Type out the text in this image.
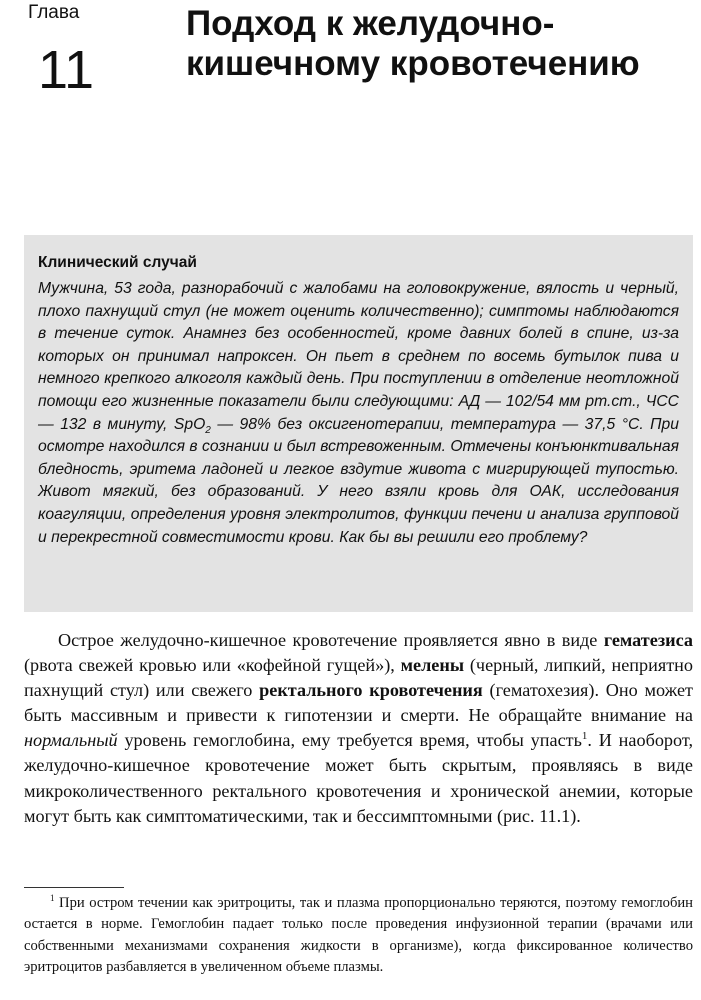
Глава
11
Подход к желудочно-кишечному кровотечению
Клинический случай

Мужчина, 53 года, разнорабочий с жалобами на головокружение, вялость и черный, плохо пахнущий стул (не может оценить количественно); симптомы наблюдаются в течение суток. Анамнез без особенностей, кроме давних болей в спине, из-за которых он принимал напроксен. Он пьет в среднем по восемь бутылок пива и немного крепкого алкоголя каждый день. При поступлении в отделение неотложной помощи его жизненные показатели были следующими: АД — 102/54 мм рт.ст., ЧСС — 132 в минуту, SpO$_2$ — 98% без оксигенотерапии, температура — 37,5 °С. При осмотре находился в сознании и был встревоженным. Отмечены конъюнктивальная бледность, эритема ладоней и легкое вздутие живота с мигрирующей тупостью. Живот мягкий, без образований. У него взяли кровь для ОАК, исследования коагуляции, определения уровня электролитов, функции печени и анализа групповой и перекрестной совместимости крови. Как бы вы решили его проблему?

Острое желудочно-кишечное кровотечение проявляется явно в виде гематезиса (рвота свежей кровью или «кофейной гущей»), мелены (черный, липкий, неприятно пахнущий стул) или свежего ректального кровотечения (гематохезия). Оно может быть массивным и привести к гипотензии и смерти. Не обращайте внимание на нормальный уровень гемоглобина, ему требуется время, чтобы упасть$^1$. И наоборот, желудочно-кишечное кровотечение может быть скрытым, проявляясь в виде микроколичественного ректального кровотечения и хронической анемии, которые могут быть как симптоматическими, так и бессимптомными (рис. 11.1).

$^1$ При остром течении как эритроциты, так и плазма пропорционально теряются, поэтому гемоглобин остается в норме. Гемоглобин падает только после проведения инфузионной терапии (врачами или собственными механизмами сохранения жидкости в организме), когда фиксированное количество эритроцитов разбавляется в увеличенном объеме плазмы.
